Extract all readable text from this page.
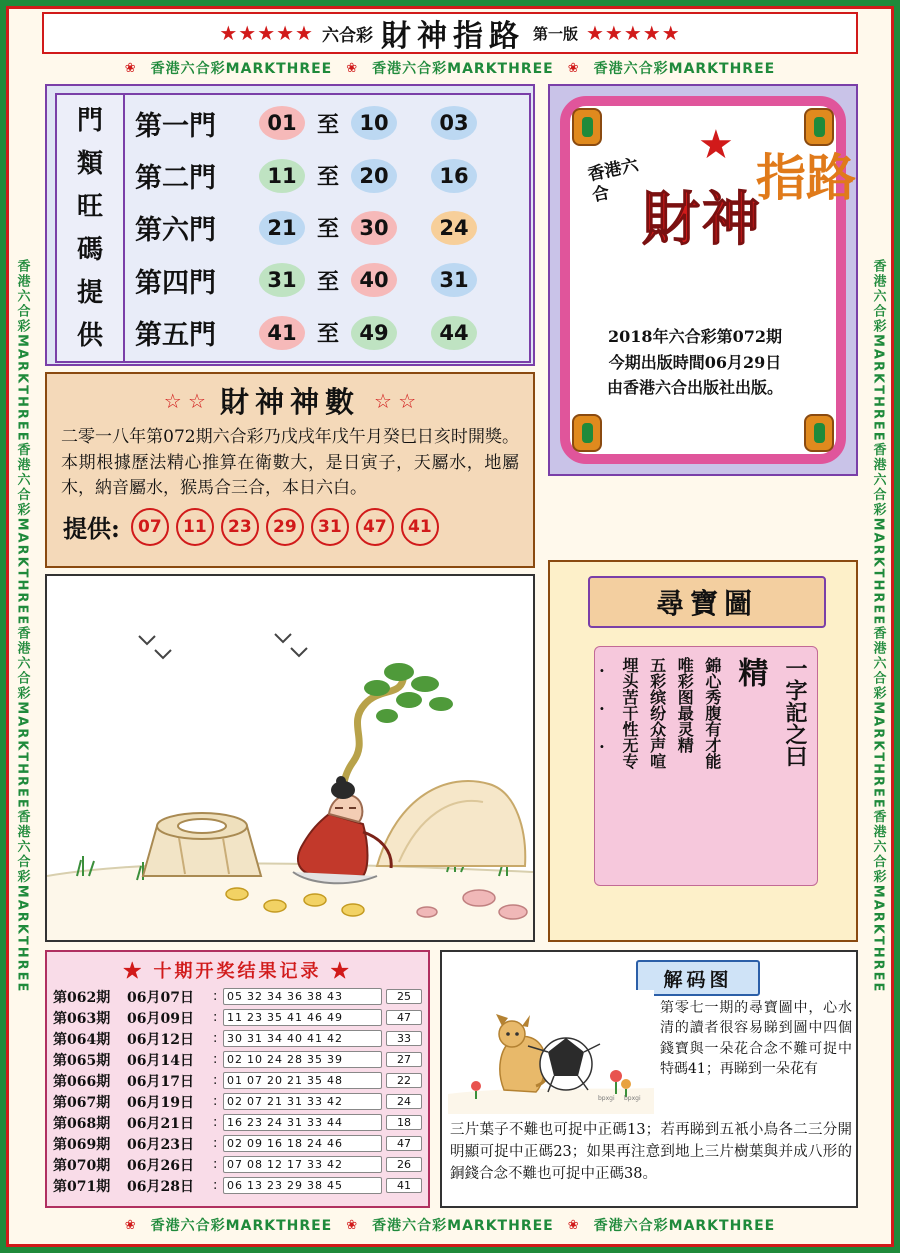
香港六合彩MARKTHREE香港六合彩MARKTHREE香港六合彩MARKTHREE香港六合彩MARKTHREE	香港六合彩MARKTHREE香港六合彩MARKTHREE香港六合彩MARKTHREE香港六合彩MARKTHREE
★★★★★ 六合彩 財神指路 第一版 ★★★★★
❀ 香港六合彩MARKTHREE ❀ 香港六合彩MARKTHREE ❀ 香港六合彩MARKTHREE
❀ 香港六合彩MARKTHREE ❀ 香港六合彩MARKTHREE ❀ 香港六合彩MARKTHREE
門
類
旺
碼
提
供
第一門	01 至 10	03
第二門	11 至 20	16
第六門	21 至 30	24
第四門	31 至 40	31
第五門	41 至 49	44
★
香港六合 財神
指路
2018年六合彩第072期
今期出版時間06月29日
由香港六合出版社出版。
☆ ☆ 財神神數 ☆ ☆
二零一八年第072期六合彩乃戊戌年戊午月癸巳日亥时開獎。本期根據歷法精心推算在衛數大，是日寅子，天屬水，地屬木，納音屬水，猴馬合三合，本日六白。
提供:	07	11	23	29	31	47	41
尋寶圖
一字記之曰
精
錦心秀腹有才能
唯彩图最灵精
五彩缤纷众声喧
埋头苦干性无专
. . .
★ 十期开奖结果记录 ★
第062期	06月07日	: 05 32 34 36 38 43	25
第063期	06月09日	: 11 23 35 41 46 49	47
第064期	06月12日	: 30 31 34 40 41 42	33
第065期	06月14日	: 02 10 24 28 35 39	27
第066期	06月17日	: 01 07 20 21 35 48	22
第067期	06月19日	: 02 07 21 31 33 42	24
第068期	06月21日	: 16 23 24 31 33 44	18
第069期	06月23日	: 02 09 16 18 24 46	47
第070期	06月26日	: 07 08 12 17 33 42	26
第071期	06月28日	: 06 13 23 29 38 45	41
解码图
bpxgi bpxgi
第零七一期的尋寶圖中，心水清的讀者很容易睇到圖中四個錢寶與一朵花合念不難可捉中特碼41；再睇到一朵花有
三片葉子不難也可捉中正碼13；若再睇到五衹小鳥各二三分開明顯可捉中正碼23；如果再注意到地上三片樹葉與并成八形的銅錢合念不難也可捉中正碼38。
